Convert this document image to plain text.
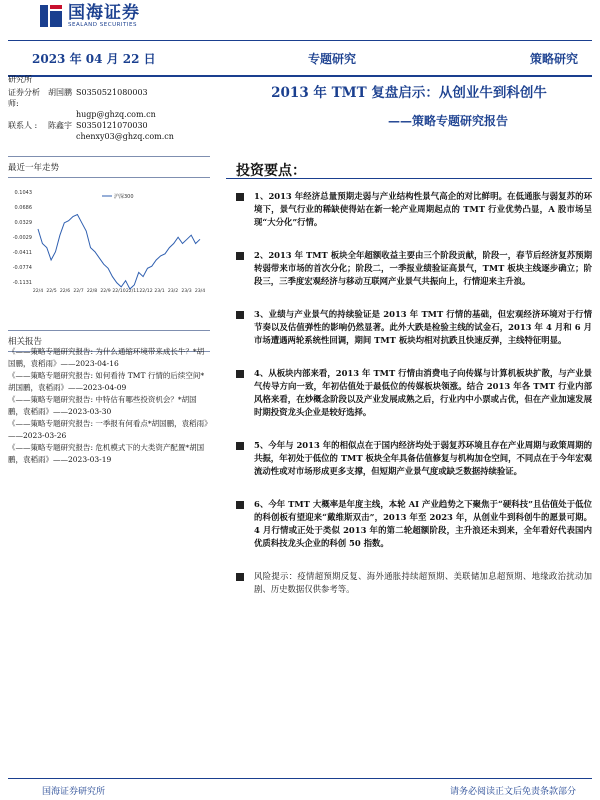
国海证券
SEALAND SECURITIES
2023 年 04 月 22 日	专题研究	策略研究
研究所
证券分析师:
胡国鹏 S0350521080003
hugp@ghzq.com.cn
联系人 :	陈鑫宇 S0350121070030
chenxy03@ghzq.com.cn
最近一年走势
0.1043
0.0686
0.0329
-0.0029
-0.0411
-0.0774
-0.1131
22/4 22/5 22/6 22/7 22/8 22/9 22/10 22/11 22/12 23/1 23/2 23/3 23/4
沪深300
相关报告
《——策略专题研究报告: 为什么通缩环境带来成长牛？*胡国鹏，袁稻雨》——2023-04-16
《——策略专题研究报告: 如何看待 TMT 行情的后续空间*胡国鹏，袁稻雨》——2023-04-09
《——策略专题研究报告: 中特估有哪些投资机会？*胡国鹏，袁稻雨》——2023-03-30
《——策略专题研究报告: 一季报有何看点*胡国鹏，袁稻雨》——2023-03-26
《——策略专题研究报告: 危机模式下的大类资产配置*胡国鹏，袁稻雨》——2023-03-19
2013 年 TMT 复盘启示：从创业牛到科创牛
——策略专题研究报告
投资要点：
1、2013 年经济总量预期走弱与产业结构性景气高企的对比鲜明。在低通胀与弱复苏的环境下，景气行业的稀缺使得站在新一轮产业周期起点的 TMT 行业优势凸显，A 股市场呈现“大分化”行情。
2、2013 年 TMT 板块全年超额收益主要由三个阶段贡献，阶段一，春节后经济复苏预期转弱带来市场的首次分化；阶段二，一季报业绩验证高景气，TMT 板块主线逐步确立；阶段三，三季度宏观经济与移动互联网产业景气共振向上，行情迎来主升浪。
3、业绩与产业景气的持续验证是 2013 年 TMT 行情的基础，但宏观经济环境对于行情节奏以及估值弹性的影响仍然显著。此外大跌是检验主线的试金石，2013 年 4 月和 6 月市场遭遇两轮系统性回调，期间 TMT 板块均相对抗跌且快速反弹，主线特征明显。
4、从板块内部来看，2013 年 TMT 行情由消费电子向传媒与计算机板块扩散，与产业景气传导方向一致，年初估值处于最低位的传媒板块领涨。结合 2013 年各 TMT 行业内部风格来看，在炒概念阶段以及产业发展成熟之后，行业内中小票或占优，但在产业加速发展时期投资龙头企业是较好选择。
5、今年与 2013 年的相似点在于国内经济均处于弱复苏环境且存在产业周期与政策周期的共振，年初处于低位的 TMT 板块全年具备估值修复与机构加仓空间，不同点在于今年宏观流动性或对市场形成更多支撑，但短期产业景气度或缺乏数据持续验证。
6、今年 TMT 大概率是年度主线，本轮 AI 产业趋势之下聚焦于“硬科技”且估值处于低位的科创板有望迎来“戴维斯双击”，2013 年至 2023 年，从创业牛到科创牛的愿景可期。4 月行情或正处于类似 2013 年的第二轮超额阶段，主升浪还未到来，全年看好代表国内优质科技龙头企业的科创 50 指数。
风险提示：疫情超预期反复、海外通胀持续超预期、美联储加息超预期、地缘政治扰动加剧、历史数据仅供参考等。
国海证券研究所	请务必阅读正文后免责条款部分
